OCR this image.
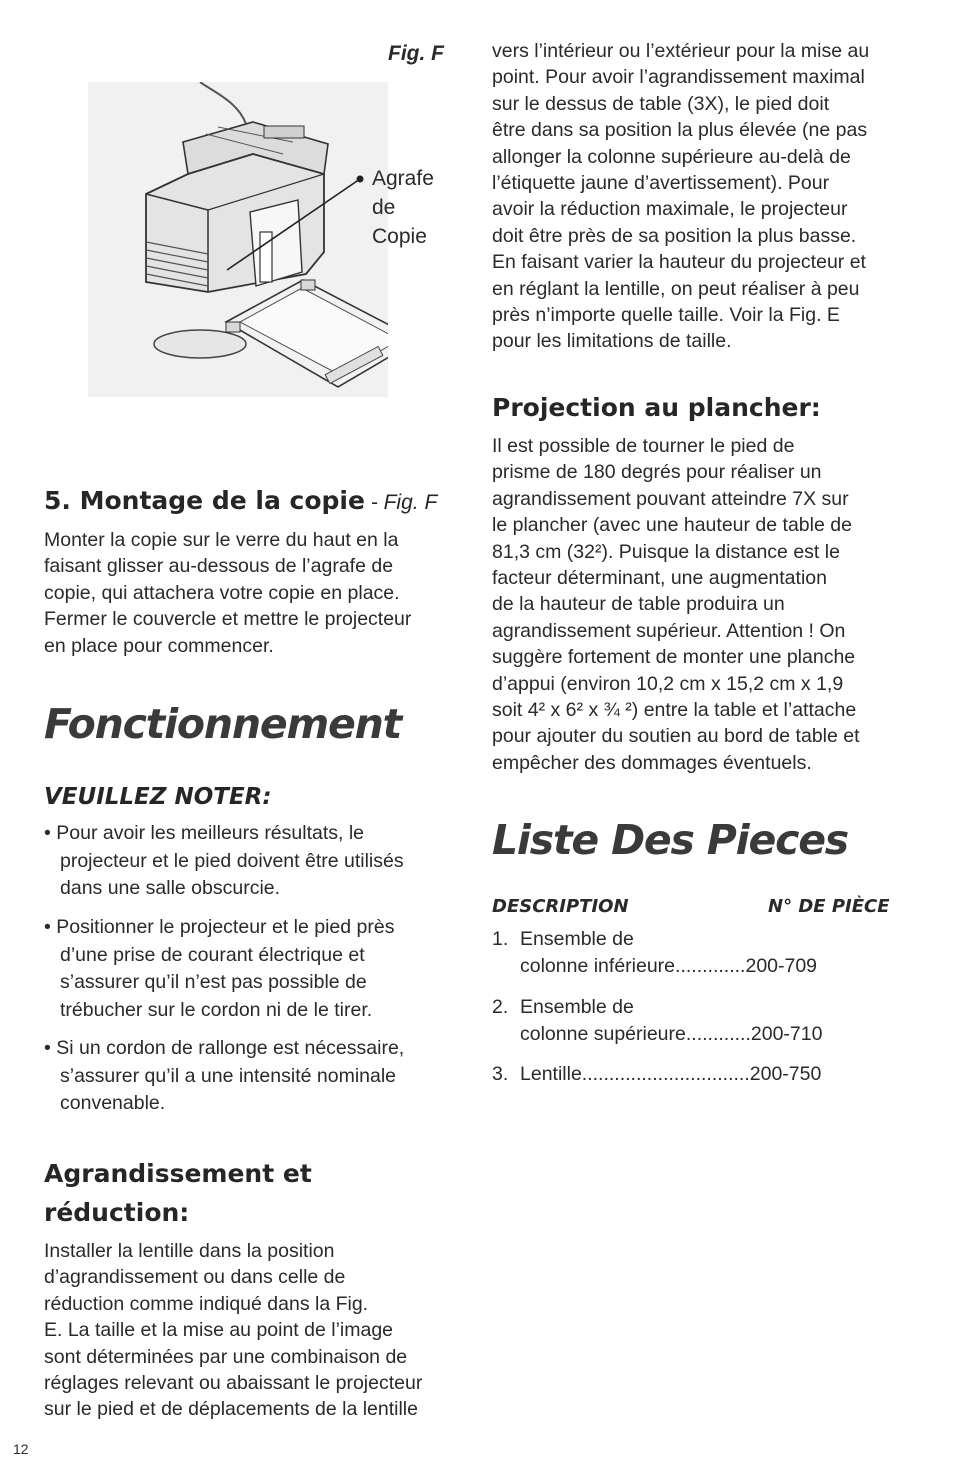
Fig. F
Agrafe
de
Copie
5. Montage de la copie - Fig. F
Monter la copie sur le verre du haut en la
faisant glisser au-dessous de l’agrafe de
copie, qui attachera votre copie en place.
Fermer le couvercle et mettre le projecteur
en place pour commencer.
Fonctionnement
VEUILLEZ NOTER:
• Pour avoir les meilleurs résultats, le
projecteur et le pied doivent être utilisés
dans une salle obscurcie.
• Positionner le projecteur et le pied près
d’une prise de courant électrique et
s’assurer qu’il n’est pas possible de
trébucher sur le cordon ni de le tirer.
• Si un cordon de rallonge est nécessaire,
s’assurer qu’il a une intensité nominale
convenable.
Agrandissement et
réduction:
Installer la lentille dans la position
d’agrandissement ou dans celle de
réduction comme indiqué dans la Fig.
E. La taille et la mise au point de l’image
sont déterminées par une combinaison de
réglages relevant ou abaissant le projecteur
sur le pied et de déplacements de la lentille
vers l’intérieur ou l’extérieur pour la mise au
point. Pour avoir l’agrandissement maximal
sur le dessus de table (3X), le pied doit
être dans sa position la plus élevée (ne pas
allonger la colonne supérieure au-delà de
l’étiquette jaune d’avertissement). Pour
avoir la réduction maximale, le projecteur
doit être près de sa position la plus basse.
En faisant varier la hauteur du projecteur et
en réglant la lentille, on peut réaliser à peu
près n’importe quelle taille. Voir la Fig. E
pour les limitations de taille.
Projection au plancher:
Il est possible de tourner le pied de
prisme de 180 degrés pour réaliser un
agrandissement pouvant atteindre 7X sur
le plancher (avec une hauteur de table de
81,3 cm (32²). Puisque la distance est le
facteur déterminant, une augmentation
de la hauteur de table produira un
agrandissement supérieur. Attention ! On
suggère fortement de monter une planche
d’appui (environ 10,2 cm x 15,2 cm x 1,9
soit 4² x 6² x ¾ ²) entre la table et l’attache
pour ajouter du soutien au bord de table et
empêcher des dommages éventuels.
Liste Des Pieces
DESCRIPTION	N° DE PIÈCE
1. Ensemble de
colonne inférieure ............. 200-709
2. Ensemble de
colonne supérieure ............ 200-710
3. Lentille ............................... 200-750
12
